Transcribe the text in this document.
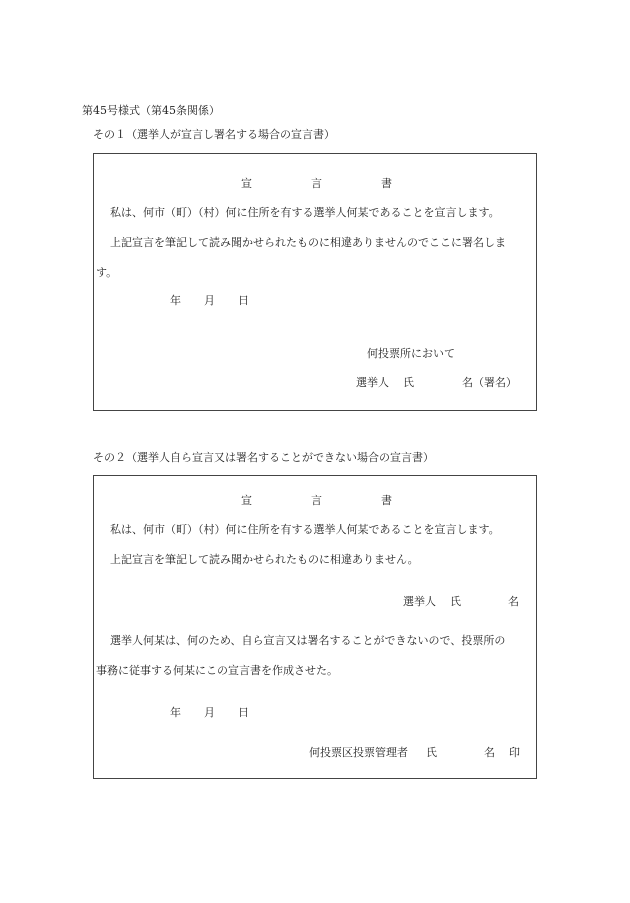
第45号様式（第45条関係）
その１（選挙人が宣言し署名する場合の宣言書）
宣	言	書
私は、何市（町）（村）何に住所を有する選挙人何某であることを宣言します。
上記宣言を筆記して読み聞かせられたものに相違ありませんのでここに署名しま
す。
年 月 日
何投票所において
選挙人 氏	名（署名）
その２（選挙人自ら宣言又は署名することができない場合の宣言書）
宣	言	書
私は、何市（町）（村）何に住所を有する選挙人何某であることを宣言します。
上記宣言を筆記して読み聞かせられたものに相違ありません。
選挙人 氏	名
選挙人何某は、何のため、自ら宣言又は署名することができないので、投票所の
事務に従事する何某にこの宣言書を作成させた。
年 月 日
何投票区投票管理者 氏	名 印
